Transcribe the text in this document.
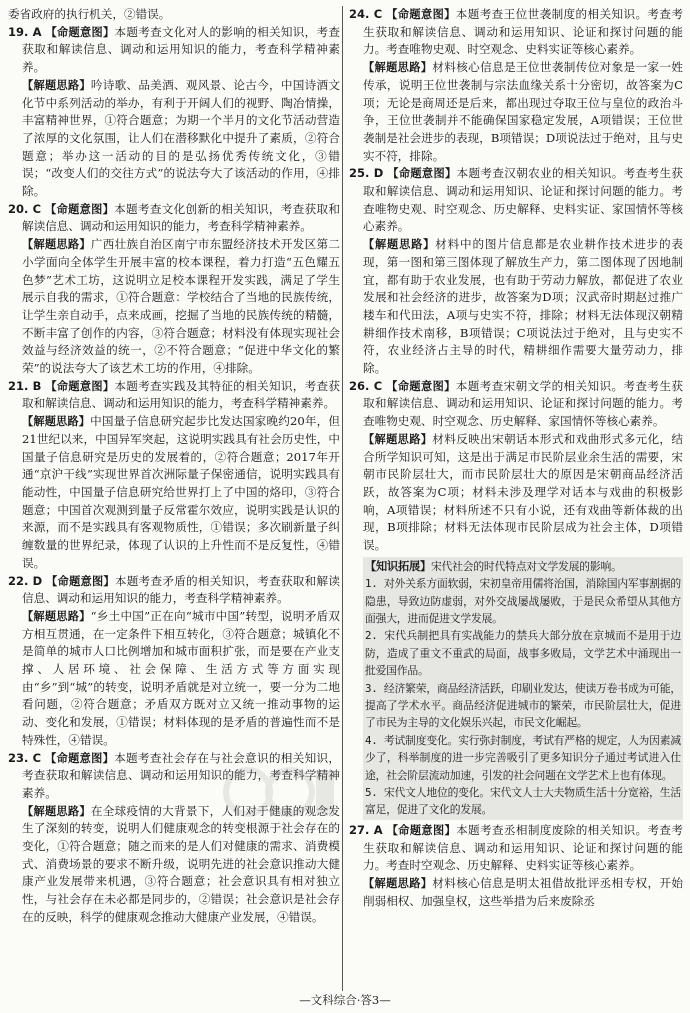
委省政府的执行机关，②错误。

19. A 【命题意图】本题考查文化对人的影响的相关知识，考查获取和解读信息、调动和运用知识的能力，考查科学精神素养。

【解题思路】吟诗歌、品美酒、观风景、论古今，中国诗酒文化节中系列活动的举办，有利于开阔人们的视野、陶冶情操，丰富精神世界，①符合题意；为期一个半月的文化节活动营造了浓厚的文化氛围，让人们在潜移默化中提升了素质，②符合题意；举办这一活动的目的是弘扬优秀传统文化，③错误；“改变人们的交往方式”的说法夸大了该活动的作用，④排除。

20. C 【命题意图】本题考查文化创新的相关知识，考查获取和解读信息、调动和运用知识的能力，考查科学精神素养。

【解题思路】广西壮族自治区南宁市东盟经济技术开发区第二小学面向全体学生开展丰富的校本课程，着力打造“五色耀五色梦”艺术工坊，这说明立足校本课程开发实践，满足了学生展示自我的需求，①符合题意：学校结合了当地的民族传统，让学生亲自动手，点来成画，挖掘了当地的民族传统的精髓，不断丰富了创作的内容，③符合题意；材料没有体现实现社会效益与经济效益的统一，②不符合题意；“促进中华文化的繁荣”的说法夸大了该艺术工坊的作用，④排除。

21. B 【命题意图】本题考查实践及其特征的相关知识，考查获取和解读信息、调动和运用知识的能力，考查科学精神素养。

【解题思路】中国量子信息研究起步比发达国家晚约20年，但21世纪以来，中国异军突起，这说明实践具有社会历史性，中国量子信息研究是历史的发展着的，②符合题意；2017年开通“京沪干线”实现世界首次洲际量子保密通信，说明实践具有能动性，中国量子信息研究给世界打上了中国的烙印，③符合题意；中国首次观测到量子反常霍尔效应，说明实践是认识的来源，而不是实践具有客观物质性，①错误；多次刷新量子纠缠数量的世界纪录，体现了认识的上升性而不是反复性，④错误。

22. D 【命题意图】本题考查矛盾的相关知识，考查获取和解读信息、调动和运用知识的能力，考查科学精神素养。

【解题思路】“乡土中国”正在向“城市中国”转型，说明矛盾双方相互贯通，在一定条件下相互转化，③符合题意；城镇化不是简单的城市人口比例增加和城市面积扩张，而是要在产业支撑、人居环境、社会保障、生活方式等方面实现由“乡”到“城”的转变，说明矛盾就是对立统一，要一分为二地看问题，②符合题意；矛盾双方既对立又统一推动事物的运动、变化和发展，①错误；材料体现的是矛盾的普遍性而不是特殊性，④错误。

23. C 【命题意图】本题考查社会存在与社会意识的相关知识，考查获取和解读信息、调动和运用知识的能力，考查科学精神素养。

【解题思路】在全球疫情的大背景下，人们对于健康的观念发生了深刻的转变，说明人们健康观念的转变根源于社会存在的变化，①符合题意；随之而来的是人们对健康的需求、消费模式、消费场景的要求不断升级，说明先进的社会意识推动大健康产业发展带来机遇，③符合题意；社会意识具有相对独立性，与社会存在未必都是同步的，②错误；社会意识是社会存在的反映，科学的健康观念推动大健康产业发展，④错误。

24. C 【命题意图】本题考查王位世袭制度的相关知识。考查考生获取和解读信息、调动和运用知识、论证和探讨问题的能力。考查唯物史观、时空观念、史料实证等核心素养。

【解题思路】材料核心信息是王位世袭制传位对象是一家一姓传承，说明王位世袭制与宗法血缘关系十分密切，故答案为C项；无论是商周还是后来，都出现过夺取王位与皇位的政治斗争，王位世袭制并不能确保国家稳定发展，A项错误；王位世袭制是社会进步的表现，B项错误；D项说法过于绝对，且与史实不符，排除。

25. D 【命题意图】本题考查汉朝农业的相关知识。考查考生获取和解读信息、调动和运用知识、论证和探讨问题的能力。考查唯物史观、时空观念、历史解释、史料实证、家国情怀等核心素养。

【解题思路】材料中的图片信息都是农业耕作技术进步的表现，第一图和第三图体现了解放生产力，第二图体现了因地制宜，都有助于农业发展，也有助于劳动力解放，都促进了农业发展和社会经济的进步，故答案为D项；汉武帝时期赵过推广耧车和代田法，A项与史实不符，排除；材料无法体现汉朝精耕细作技术南移，B项错误；C项说法过于绝对，且与史实不符，农业经济占主导的时代，精耕细作需要大量劳动力，排除。

26. C 【命题意图】本题考查宋朝文学的相关知识。考查考生获取和解读信息、调动和运用知识、论证和探讨问题的能力。考查唯物史观、时空观念、历史解释、家国情怀等核心素养。

【解题思路】材料反映出宋朝话本形式和戏曲形式多元化，结合所学知识可知，这是出于满足市民阶层业余生活的需要，宋朝市民阶层壮大，而市民阶层壮大的原因是宋朝商品经济活跃，故答案为C项；材料未涉及理学对话本与戏曲的积极影响，A项错误；材料所述不只有小说，还有戏曲等新体裁的出现，B项排除；材料无法体现市民阶层成为社会主体，D项错误。

【知识拓展】宋代社会的时代特点对文学发展的影响。

1. 对外关系方面软弱，宋初皇帝用儒将治国，消除国内军事割据的隐患，导致边防虚弱，对外交战屡战屡败，于是民众希望从其他方面强大，进而促进文学发展。

2. 宋代兵制把具有实战能力的禁兵大部分放在京城而不是用于边防，造成了重文不重武的局面，战事多败局，文学艺术中涌现出一批爱国作品。

3. 经济繁荣，商品经济活跃，印刷业发达，使读万卷书成为可能，提高了学术水平。商品经济促进城市的繁荣，市民阶层壮大，促进了市民为主导的文化娱乐兴起，市民文化崛起。

4. 考试制度变化。实行弥封制度，考试有严格的规定，人为因素减少了，科举制度的进一步完善吸引了更多知识分子通过考试进入仕途，社会阶层流动加速，引发的社会问题在文学艺术上也有体现。

5. 宋代文人地位的变化。宋代文人士大夫物质生活十分宽裕，生活富足，促进了文化的发展。

27. A 【命题意图】本题考查丞相制度废除的相关知识。考查考生获取和解读信息、调动和运用知识、论证和探讨问题的能力。考查时空观念、历史解释、史料实证等核心素养。

【解题思路】材料核心信息是明太祖借故批评丞相专权，开始削弱相权、加强皇权，这些举措为后来废除丞

—文科综合·答3—
